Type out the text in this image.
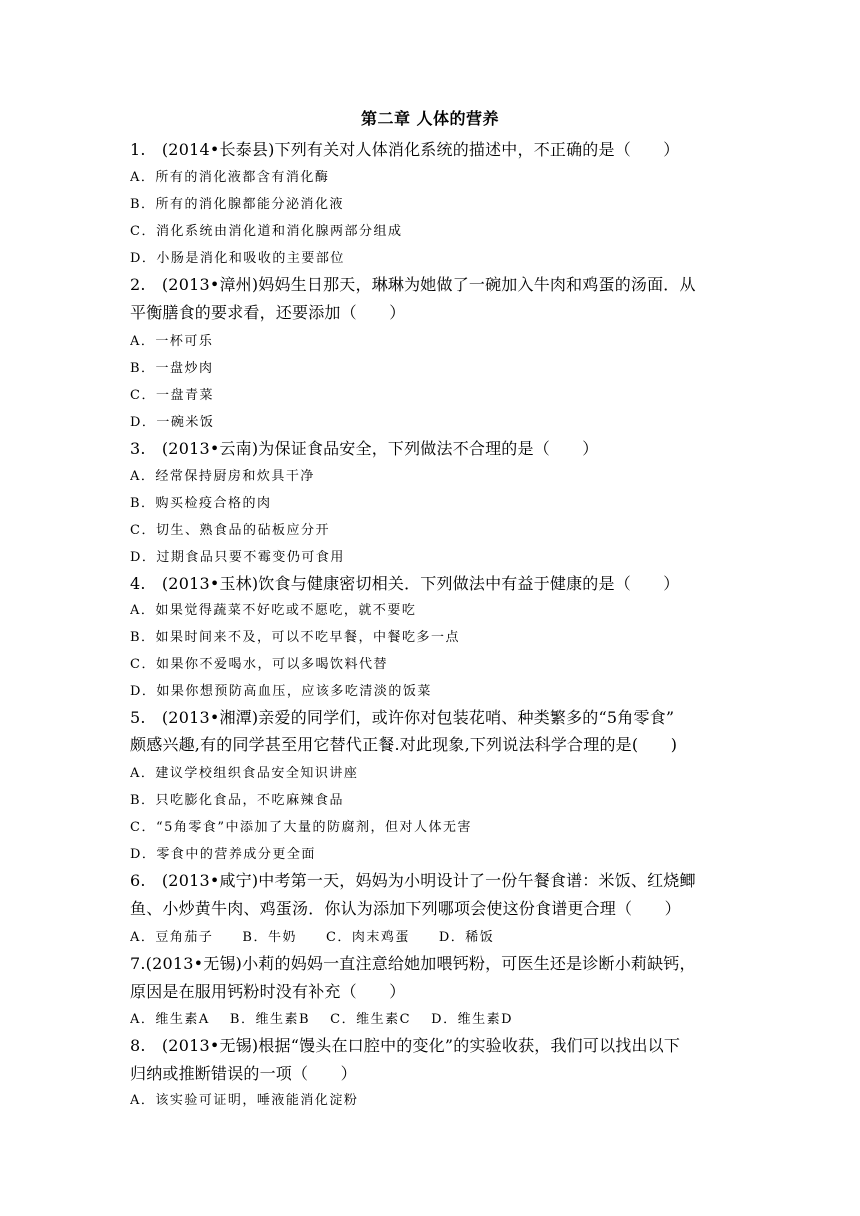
第二章 人体的营养
1.　(2014•长泰县)下列有关对人体消化系统的描述中，不正确的是（　　）
A．所有的消化液都含有消化酶
B．所有的消化腺都能分泌消化液
C．消化系统由消化道和消化腺两部分组成
D．小肠是消化和吸收的主要部位
2.　(2013•漳州)妈妈生日那天，琳琳为她做了一碗加入牛肉和鸡蛋的汤面．从
平衡膳食的要求看，还要添加（　　）
A．一杯可乐
B．一盘炒肉
C．一盘青菜
D．一碗米饭
3.　(2013•云南)为保证食品安全，下列做法不合理的是（　　）
A．经常保持厨房和炊具干净
B．购买检疫合格的肉
C．切生、熟食品的砧板应分开
D．过期食品只要不霉变仍可食用
4.　(2013•玉林)饮食与健康密切相关．下列做法中有益于健康的是（　　）
A．如果觉得蔬菜不好吃或不愿吃，就不要吃
B．如果时间来不及，可以不吃早餐，中餐吃多一点
C．如果你不爱喝水，可以多喝饮料代替
D．如果你想预防高血压，应该多吃清淡的饭菜
5.　(2013•湘潭)亲爱的同学们，或许你对包装花哨、种类繁多的“5角零食”
颇感兴趣,有的同学甚至用它替代正餐.对此现象,下列说法科学合理的是(　　)
A．建议学校组织食品安全知识讲座
B．只吃膨化食品，不吃麻辣食品
C．“5角零食”中添加了大量的防腐剂，但对人体无害
D．零食中的营养成分更全面
6.　(2013•咸宁)中考第一天，妈妈为小明设计了一份午餐食谱：米饭、红烧鲫
鱼、小炒黄牛肉、鸡蛋汤．你认为添加下列哪项会使这份食谱更合理（　　）
A．豆角茄子　　B．牛奶　　C．肉末鸡蛋　　D．稀饭
7.(2013•无锡)小莉的妈妈一直注意给她加喂钙粉，可医生还是诊断小莉缺钙，
原因是在服用钙粉时没有补充（　　）
A．维生素A　 B．维生素B　 C．维生素C　 D．维生素D
8.　(2013•无锡)根据“馒头在口腔中的变化”的实验收获，我们可以找出以下
归纳或推断错误的一项（　　）
A．该实验可证明，唾液能消化淀粉
